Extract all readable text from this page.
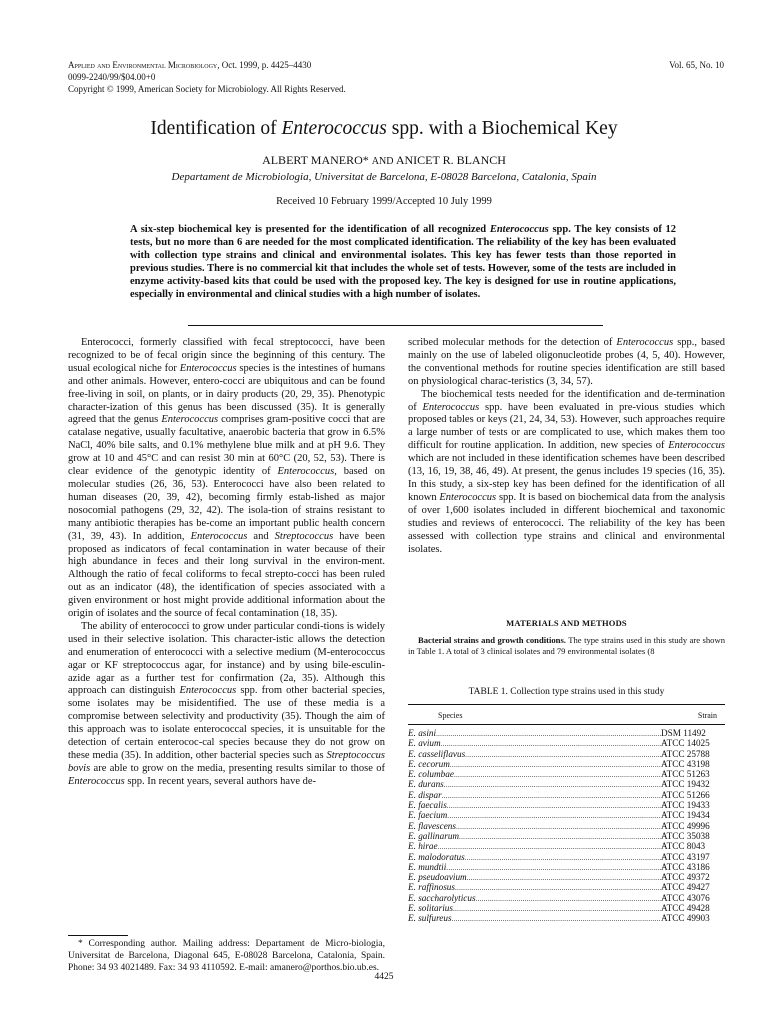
Applied and Environmental Microbiology, Oct. 1999, p. 4425–4430
0099-2240/99/$04.00+0
Copyright © 1999, American Society for Microbiology. All Rights Reserved.
Vol. 65, No. 10
Identification of Enterococcus spp. with a Biochemical Key
ALBERT MANERO* AND ANICET R. BLANCH
Departament de Microbiologia, Universitat de Barcelona, E-08028 Barcelona, Catalonia, Spain
Received 10 February 1999/Accepted 10 July 1999
A six-step biochemical key is presented for the identification of all recognized Enterococcus spp. The key consists of 12 tests, but no more than 6 are needed for the most complicated identification. The reliability of the key has been evaluated with collection type strains and clinical and environmental isolates. This key has fewer tests than those reported in previous studies. There is no commercial kit that includes the whole set of tests. However, some of the tests are included in enzyme activity-based kits that could be used with the proposed key. The key is designed for use in routine applications, especially in environmental and clinical studies with a high number of isolates.

Enterococci, formerly classified with fecal streptococci, have been recognized to be of fecal origin since the beginning of this century. The usual ecological niche for Enterococcus species is the intestines of humans and other animals. However, entero-cocci are ubiquitous and can be found free-living in soil, on plants, or in dairy products (20, 29, 35). Phenotypic character-ization of this genus has been discussed (35). It is generally agreed that the genus Enterococcus comprises gram-positive cocci that are catalase negative, usually facultative, anaerobic bacteria that grow in 6.5% NaCl, 40% bile salts, and 0.1% methylene blue milk and at pH 9.6. They grow at 10 and 45°C and can resist 30 min at 60°C (20, 52, 53). There is clear evidence of the genotypic identity of Enterococcus, based on molecular studies (26, 36, 53). Enterococci have also been related to human diseases (20, 39, 42), becoming firmly estab-lished as major nosocomial pathogens (29, 32, 42). The isola-tion of strains resistant to many antibiotic therapies has be-come an important public health concern (31, 39, 43). In addition, Enterococcus and Streptococcus have been proposed as indicators of fecal contamination in water because of their high abundance in feces and their long survival in the environ-ment. Although the ratio of fecal coliforms to fecal strepto-cocci has been ruled out as an indicator (48), the identification of species associated with a given environment or host might provide additional information about the origin of isolates and the source of fecal contamination (18, 35).

The ability of enterococci to grow under particular condi-tions is widely used in their selective isolation. This character-istic allows the detection and enumeration of enterococci with a selective medium (M-enterococcus agar or KF streptococcus agar, for instance) and by using bile-esculin-azide agar as a further test for confirmation (2a, 35). Although this approach can distinguish Enterococcus spp. from other bacterial species, some isolates may be misidentified. The use of these media is a compromise between selectivity and productivity (35). Though the aim of this approach was to isolate enterococcal species, it is unsuitable for the detection of certain enterococ-cal species because they do not grow on these media (35). In addition, other bacterial species such as Streptococcus bovis are able to grow on the media, presenting results similar to those of Enterococcus spp. In recent years, several authors have de-

* Corresponding author. Mailing address: Departament de Micro-biologia, Universitat de Barcelona, Diagonal 645, E-08028 Barcelona, Catalonia, Spain. Phone: 34 93 4021489. Fax: 34 93 4110592. E-mail: amanero@porthos.bio.ub.es.

scribed molecular methods for the detection of Enterococcus spp., based mainly on the use of labeled oligonucleotide probes (4, 5, 40). However, the conventional methods for routine species identification are still based on physiological charac-teristics (3, 34, 57).

The biochemical tests needed for the identification and de-termination of Enterococcus spp. have been evaluated in pre-vious studies which proposed tables or keys (21, 24, 34, 53). However, such approaches require a large number of tests or are complicated to use, which makes them too difficult for routine application. In addition, new species of Enterococcus which are not included in these identification schemes have been described (13, 16, 19, 38, 46, 49). At present, the genus includes 19 species (16, 35). In this study, a six-step key has been defined for the identification of all known Enterococcus spp. It is based on biochemical data from the analysis of over 1,600 isolates included in different biochemical and taxonomic studies and reviews of enterococci. The reliability of the key has been assessed with collection type strains and clinical and environmental isolates.

MATERIALS AND METHODS

Bacterial strains and growth conditions. The type strains used in this study are shown in Table 1. A total of 3 clinical isolates and 79 environmental isolates (8

TABLE 1. Collection type strains used in this study
Species	Strain
E. asini .....	DSM 11492
E. avium .....	ATCC 14025
E. casseliflavus .....	ATCC 25788
E. cecorum .....	ATCC 43198
E. columbae .....	ATCC 51263
E. durans .....	ATCC 19432
E. dispar .....	ATCC 51266
E. faecalis .....	ATCC 19433
E. faecium .....	ATCC 19434
E. flavescens .....	ATCC 49996
E. gallinarum .....	ATCC 35038
E. hirae .....	ATCC 8043
E. malodoratus .....	ATCC 43197
E. mundtii .....	ATCC 43186
E. pseudoavium .....	ATCC 49372
E. raffinosus .....	ATCC 49427
E. saccharolyticus .....	ATCC 43076
E. solitarius .....	ATCC 49428
E. sulfureus .....	ATCC 49903
4425
